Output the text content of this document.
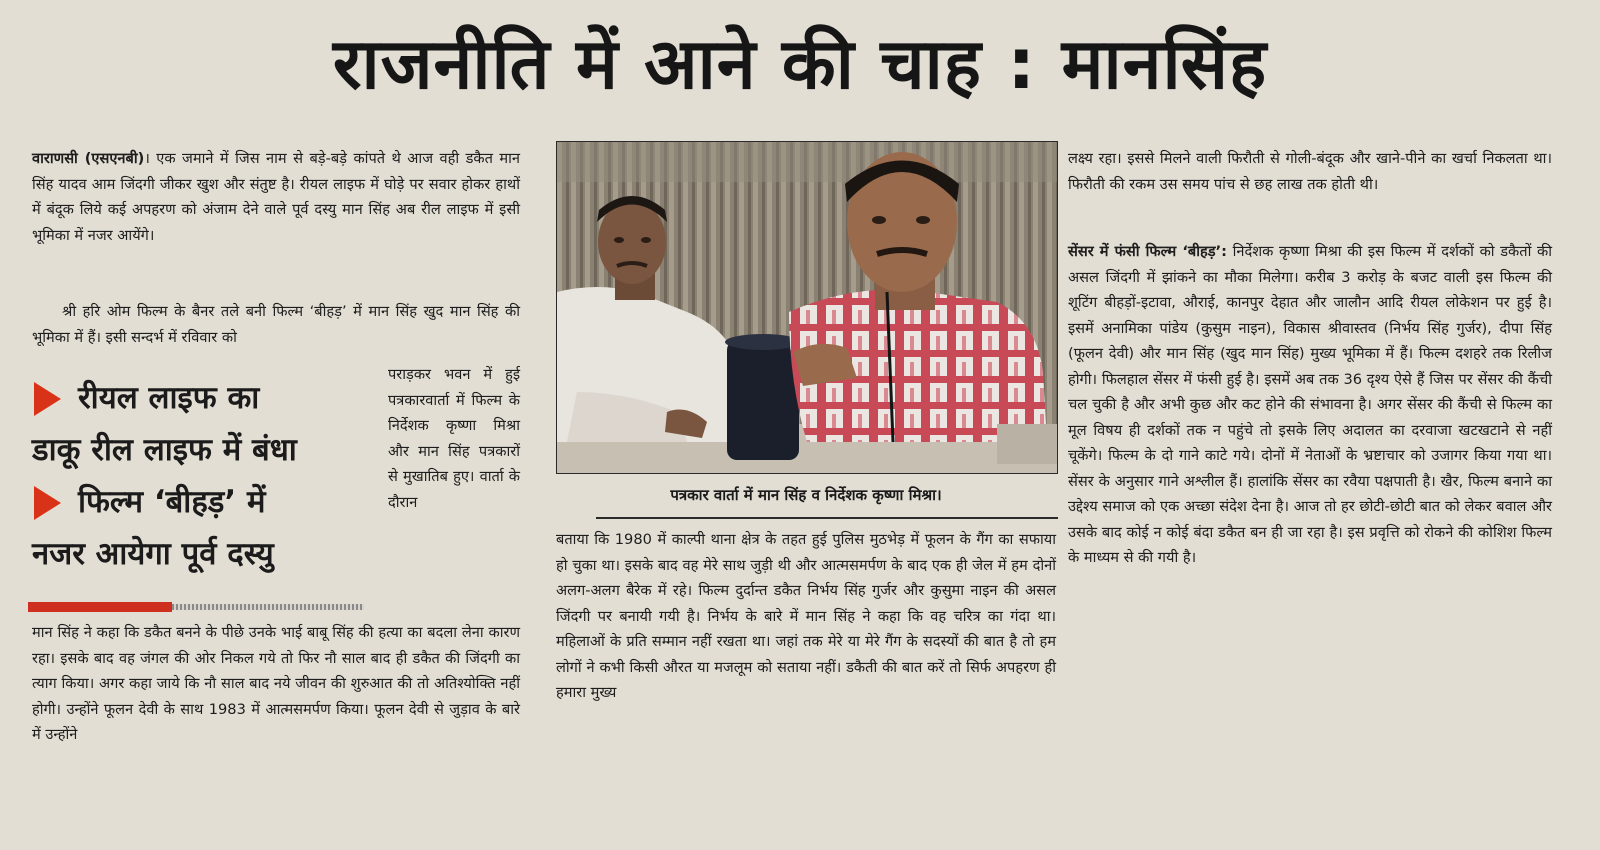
राजनीति में आने की चाह : मानसिंह

वाराणसी (एसएनबी)। एक जमाने में जिस नाम से बड़े-बड़े कांपते थे आज वही डकैत मान सिंह यादव आम जिंदगी जीकर खुश और संतुष्ट है। रीयल लाइफ में घोड़े पर सवार होकर हाथों में बंदूक लिये कई अपहरण को अंजाम देने वाले पूर्व दस्यु मान सिंह अब रील लाइफ में इसी भूमिका में नजर आयेंगे।

श्री हरि ओम फिल्म के बैनर तले बनी फिल्म ‘बीहड़’ में मान सिंह खुद मान सिंह की भूमिका में हैं। इसी सन्दर्भ में रविवार को

रीयल लाइफ का

डाकू रील लाइफ में बंधा

फिल्म ‘बीहड़’ में

नजर आयेगा पूर्व दस्यु

पराड़कर भवन में हुई पत्रकारवार्ता में फिल्म के निर्देशक कृष्णा मिश्रा और मान सिंह पत्रकारों से मुखातिब हुए। वार्ता के दौरान

मान सिंह ने कहा कि डकैत बनने के पीछे उनके भाई बाबू सिंह की हत्या का बदला लेना कारण रहा। इसके बाद वह जंगल की ओर निकल गये तो फिर नौ साल बाद ही डकैत की जिंदगी का त्याग किया। अगर कहा जाये कि नौ साल बाद नये जीवन की शुरुआत की तो अतिश्योक्ति नहीं होगी। उन्होंने फूलन देवी के साथ 1983 में आत्मसमर्पण किया। फूलन देवी से जुड़ाव के बारे में उन्होंने

पत्रकार वार्ता में मान सिंह व निर्देशक कृष्णा मिश्रा।

बताया कि 1980 में काल्पी थाना क्षेत्र के तहत हुई पुलिस मुठभेड़ में फूलन के गैंग का सफाया हो चुका था। इसके बाद वह मेरे साथ जुड़ी थी और आत्मसमर्पण के बाद एक ही जेल में हम दोनों अलग-अलग बैरेक में रहे। फिल्म दुर्दान्त डकैत निर्भय सिंह गुर्जर और कुसुमा नाइन की असल जिंदगी पर बनायी गयी है। निर्भय के बारे में मान सिंह ने कहा कि वह चरित्र का गंदा था। महिलाओं के प्रति सम्मान नहीं रखता था। जहां तक मेरे या मेरे गैंग के सदस्यों की बात है तो हम लोगों ने कभी किसी औरत या मजलूम को सताया नहीं। डकैती की बात करें तो सिर्फ अपहरण ही हमारा मुख्य

लक्ष्य रहा। इससे मिलने वाली फिरौती से गोली-बंदूक और खाने-पीने का खर्चा निकलता था। फिरौती की रकम उस समय पांच से छह लाख तक होती थी।

सेंसर में फंसी फिल्म ‘बीहड़’: निर्देशक कृष्णा मिश्रा की इस फिल्म में दर्शकों को डकैतों की असल जिंदगी में झांकने का मौका मिलेगा। करीब 3 करोड़ के बजट वाली इस फिल्म की शूटिंग बीहड़ों-इटावा, औराई, कानपुर देहात और जालौन आदि रीयल लोकेशन पर हुई है। इसमें अनामिका पांडेय (कुसुम नाइन), विकास श्रीवास्तव (निर्भय सिंह गुर्जर), दीपा सिंह (फूलन देवी) और मान सिंह (खुद मान सिंह) मुख्य भूमिका में हैं। फिल्म दशहरे तक रिलीज होगी। फिलहाल सेंसर में फंसी हुई है। इसमें अब तक 36 दृश्य ऐसे हैं जिस पर सेंसर की कैंची चल चुकी है और अभी कुछ और कट होने की संभावना है। अगर सेंसर की कैंची से फिल्म का मूल विषय ही दर्शकों तक न पहुंचे तो इसके लिए अदालत का दरवाजा खटखटाने से नहीं चूकेंगे। फिल्म के दो गाने काटे गये। दोनों में नेताओं के भ्रष्टाचार को उजागर किया गया था। सेंसर के अनुसार गाने अश्लील हैं। हालांकि सेंसर का रवैया पक्षपाती है। खैर, फिल्म बनाने का उद्देश्य समाज को एक अच्छा संदेश देना है। आज तो हर छोटी-छोटी बात को लेकर बवाल और उसके बाद कोई न कोई बंदा डकैत बन ही जा रहा है। इस प्रवृत्ति को रोकने की कोशिश फिल्म के माध्यम से की गयी है।
